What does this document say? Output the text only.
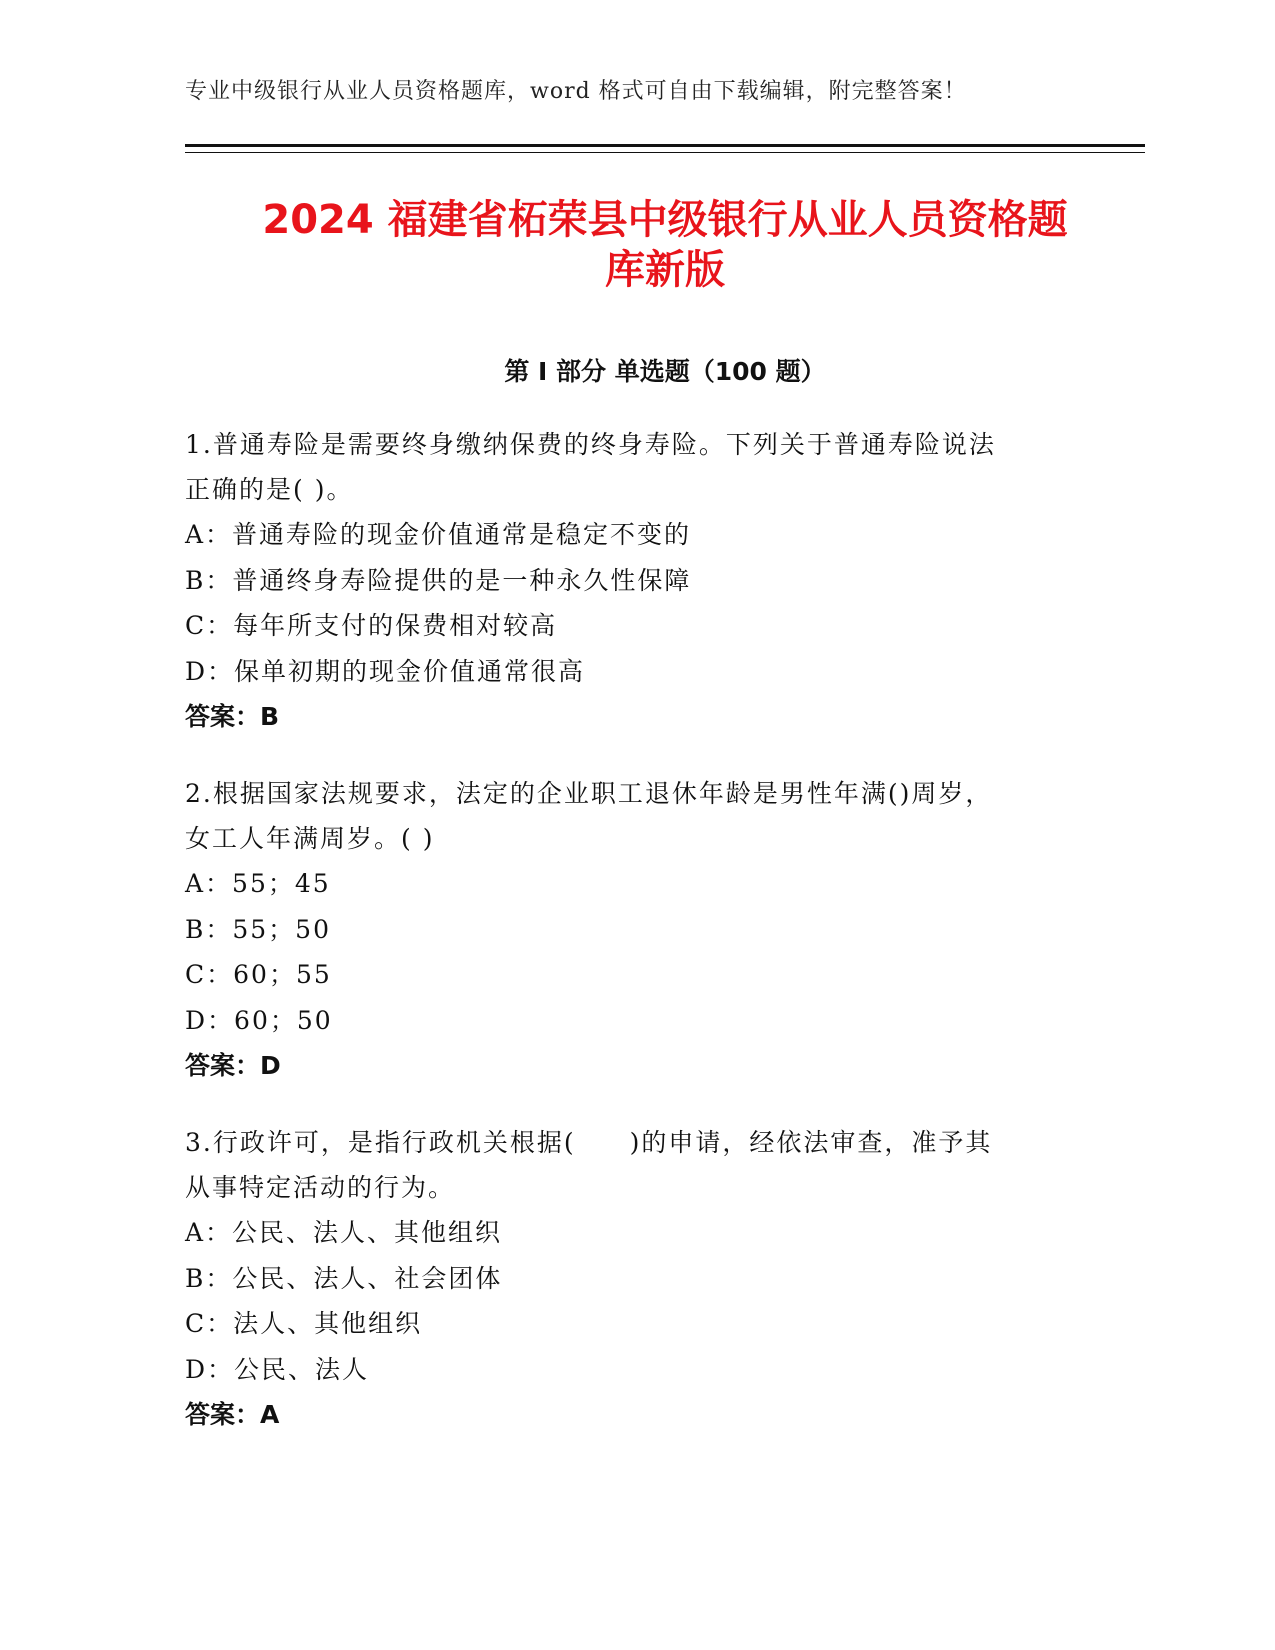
专业中级银行从业人员资格题库，word 格式可自由下载编辑，附完整答案！
2024 福建省柘荣县中级银行从业人员资格题
库新版
第 I 部分 单选题（100 题）
1.普通寿险是需要终身缴纳保费的终身寿险。下列关于普通寿险说法
正确的是( )。
A：普通寿险的现金价值通常是稳定不变的
B：普通终身寿险提供的是一种永久性保障
C：每年所支付的保费相对较高
D：保单初期的现金价值通常很高
答案：B
2.根据国家法规要求，法定的企业职工退休年龄是男性年满()周岁，
女工人年满周岁。( )
A：55；45
B：55；50
C：60；55
D：60；50
答案：D
3.行政许可，是指行政机关根据(　　)的申请，经依法审查，准予其
从事特定活动的行为。
A：公民、法人、其他组织
B：公民、法人、社会团体
C：法人、其他组织
D：公民、法人
答案：A
